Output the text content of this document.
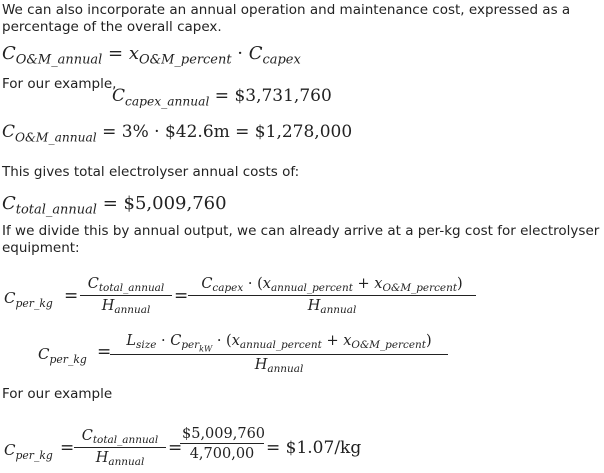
We can also incorporate an annual operation and maintenance cost, expressed as a
percentage of the overall capex.
$C_{O\&M\_annual} = x_{O\&M\_percent} \cdot C_{capex}$
For our example,
$C_{capex\_annual}$ = $3,731,760
$C_{O\&M\_annual} = 3\%$ · $42.6m = $1,278,000
This gives total electrolyser annual costs of:
$C_{total\_annual}$ = $5,009,760
If we divide this by annual output, we can already arrive at a per-kg cost for electrolyser
equipment:
$C_{per\_kg}$ =
$C_{total\_annual}$
$H_{annual}$
=
$C_{capex} \cdot (x_{annual\_percent} + x_{O\&M\_percent})$
$H_{annual}$
$C_{per\_kg}$ =
$L_{size} \cdot C_{perkW} \cdot (x_{annual\_percent} + x_{O\&M\_percent})$
$H_{annual}$
For our example
$C_{per\_kg}$ =
$C_{total\_annual}$
$H_{annual}$
=
$5,009,760
4,700,00 = $1.07/kg
